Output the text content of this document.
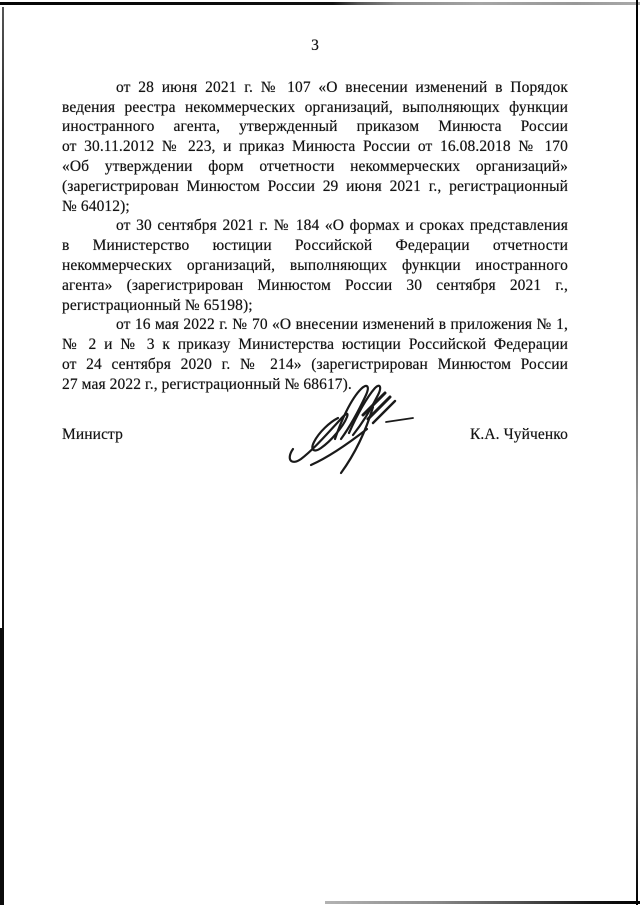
3
от 28 июня 2021 г. № 107 «О внесении изменений в Порядок
ведения реестра некоммерческих организаций, выполняющих функции
иностранного агента, утвержденный приказом Минюста России
от 30.11.2012 № 223, и приказ Минюста России от 16.08.2018 № 170
«Об утверждении форм отчетности некоммерческих организаций»
(зарегистрирован Минюстом России 29 июня 2021 г., регистрационный
№ 64012);
от 30 сентября 2021 г. № 184 «О формах и сроках представления
в Министерство юстиции Российской Федерации отчетности
некоммерческих организаций, выполняющих функции иностранного
агента» (зарегистрирован Минюстом России 30 сентября 2021 г.,
регистрационный № 65198);
от 16 мая 2022 г. № 70 «О внесении изменений в приложения № 1,
№ 2 и № 3 к приказу Министерства юстиции Российской Федерации
от 24 сентября 2020 г. № 214» (зарегистрирован Минюстом России
27 мая 2022 г., регистрационный № 68617).
Министр	К.А. Чуйченко
